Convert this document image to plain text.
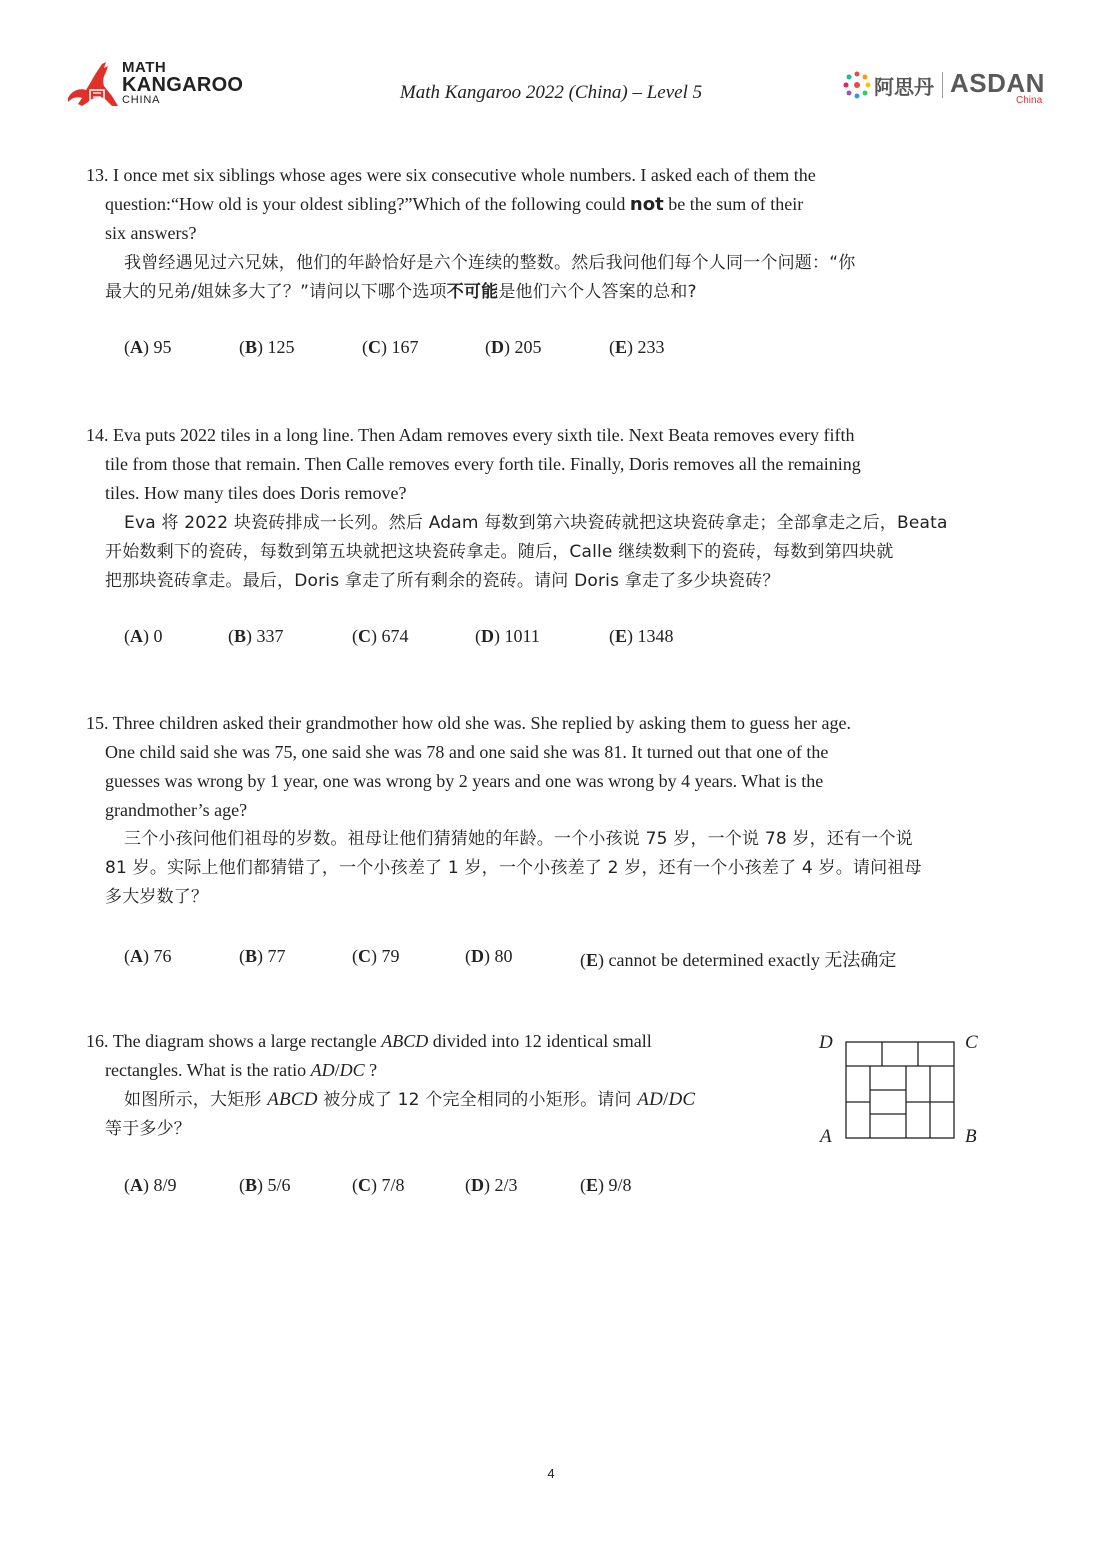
MATH
KANGAROO
CHINA	Math Kangaroo 2022 (China) – Level 5	阿思丹 ASDAN
China

13. I once met six siblings whose ages were six consecutive whole numbers. I asked each of them the

question:“How old is your oldest sibling?”Which of the following could not be the sum of their

six answers?

我曾经遇见过六兄妹，他们的年龄恰好是六个连续的整数。然后我问他们每个人同一个问题：“你

最大的兄弟/姐妹多大了？”请问以下哪个选项不可能是他们六个人答案的总和?

(A) 95	(B) 125	(C) 167	(D) 205	(E) 233

14. Eva puts 2022 tiles in a long line. Then Adam removes every sixth tile. Next Beata removes every fifth

tile from those that remain. Then Calle removes every forth tile. Finally, Doris removes all the remaining

tiles. How many tiles does Doris remove?

Eva 将 2022 块瓷砖排成一长列。然后 Adam 每数到第六块瓷砖就把这块瓷砖拿走；全部拿走之后，Beata

开始数剩下的瓷砖，每数到第五块就把这块瓷砖拿走。随后，Calle 继续数剩下的瓷砖，每数到第四块就

把那块瓷砖拿走。最后，Doris 拿走了所有剩余的瓷砖。请问 Doris 拿走了多少块瓷砖？

(A) 0	(B) 337	(C) 674	(D) 1011	(E) 1348

15. Three children asked their grandmother how old she was. She replied by asking them to guess her age.

One child said she was 75, one said she was 78 and one said she was 81. It turned out that one of the

guesses was wrong by 1 year, one was wrong by 2 years and one was wrong by 4 years. What is the

grandmother’s age?

三个小孩问他们祖母的岁数。祖母让他们猜猜她的年龄。一个小孩说 75 岁，一个说 78 岁，还有一个说

81 岁。实际上他们都猜错了，一个小孩差了 1 岁，一个小孩差了 2 岁，还有一个小孩差了 4 岁。请问祖母

多大岁数了？

(A) 76	(B) 77	(C) 79	(D) 80	(E) cannot be determined exactly 无法确定

16. The diagram shows a large rectangle ABCD divided into 12 identical small

rectangles. What is the ratio AD/DC ?

如图所示，大矩形 ABCD 被分成了 12 个完全相同的小矩形。请问 AD/DC

等于多少？

D	C
A	B
(A) 8/9	(B) 5/6	(C) 7/8	(D) 2/3	(E) 9/8
4
